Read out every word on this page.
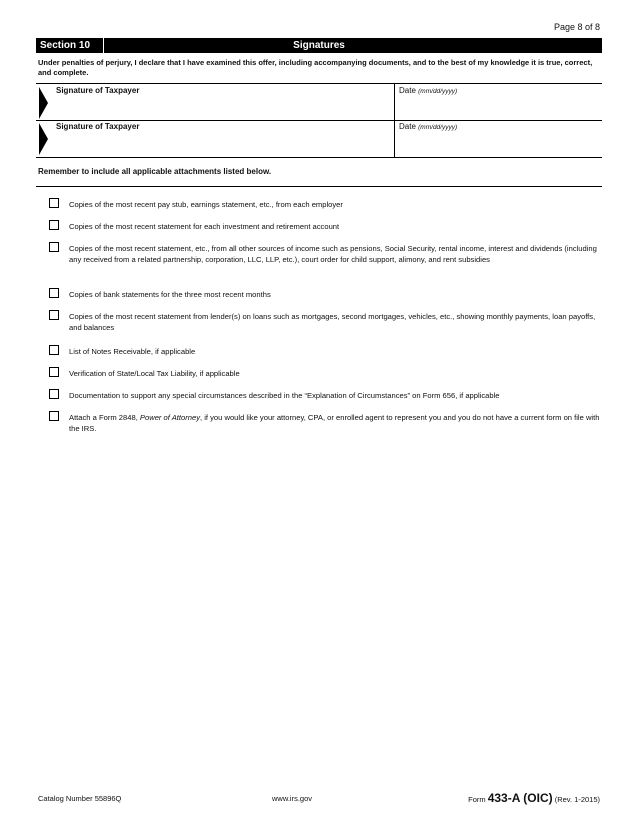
Page 8 of 8
Section 10	Signatures
Under penalties of perjury, I declare that I have examined this offer, including accompanying documents, and to the best of my knowledge it is true, correct, and complete.
Signature of Taxpayer	Date (mm/dd/yyyy)
Signature of Taxpayer	Date (mm/dd/yyyy)
Remember to include all applicable attachments listed below.
Copies of the most recent pay stub, earnings statement, etc., from each employer
Copies of the most recent statement for each investment and retirement account
Copies of the most recent statement, etc., from all other sources of income such as pensions, Social Security, rental income, interest and dividends (including any received from a related partnership, corporation, LLC, LLP, etc.), court order for child support, alimony, and rent subsidies
Copies of bank statements for the three most recent months
Copies of the most recent statement from lender(s) on loans such as mortgages, second mortgages, vehicles, etc., showing monthly payments, loan payoffs, and balances
List of Notes Receivable, if applicable
Verification of State/Local Tax Liability, if applicable
Documentation to support any special circumstances described in the “Explanation of Circumstances” on Form 656, if applicable
Attach a Form 2848, Power of Attorney, if you would like your attorney, CPA, or enrolled agent to represent you and you do not have a current form on file with the IRS.
Catalog Number 55896Q	www.irs.gov	Form 433-A (OIC) (Rev. 1-2015)
